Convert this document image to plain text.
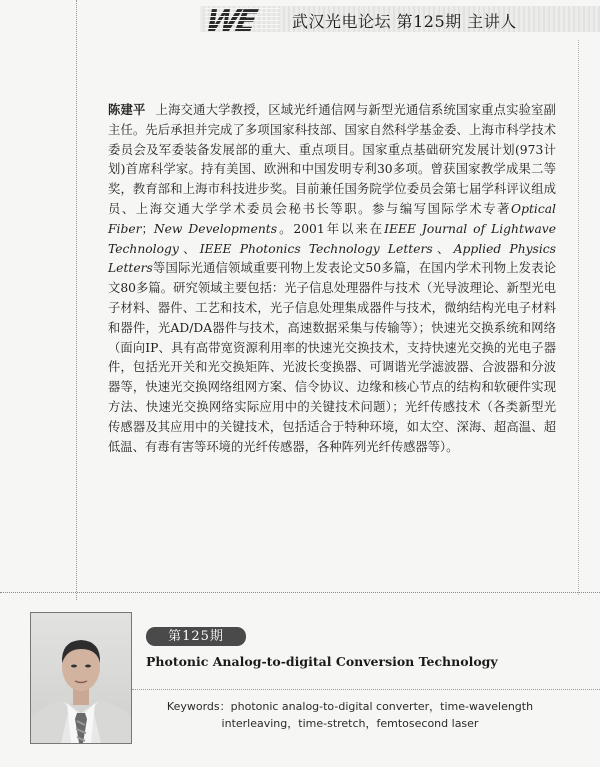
武汉光电论坛 第125期 主讲人
陈建平 上海交通大学教授，区域光纤通信网与新型光通信系统国家重点实验室副主任。先后承担并完成了多项国家科技部、国家自然科学基金委、上海市科学技术委员会及军委装备发展部的重大、重点项目。国家重点基础研究发展计划(973计划)首席科学家。持有美国、欧洲和中国发明专利30多项。曾获国家教学成果二等奖，教育部和上海市科技进步奖。目前兼任国务院学位委员会第七届学科评议组成员、上海交通大学学术委员会秘书长等职。参与编写国际学术专著Optical Fiber；New Developments。2001年以来在IEEE Journal of Lightwave Technology、IEEE Photonics Technology Letters、Applied Physics Letters等国际光通信领域重要刊物上发表论文50多篇，在国内学术刊物上发表论文80多篇。研究领域主要包括：光子信息处理器件与技术（光导波理论、新型光电子材料、器件、工艺和技术，光子信息处理集成器件与技术，微纳结构光电子材料和器件，光AD/DA器件与技术，高速数据采集与传输等）；快速光交换系统和网络（面向IP、具有高带宽资源利用率的快速光交换技术，支持快速光交换的光电子器件，包括光开关和光交换矩阵、光波长变换器、可调谐光学滤波器、合波器和分波器等，快速光交换网络组网方案、信令协议、边缘和核心节点的结构和软硬件实现方法、快速光交换网络实际应用中的关键技术问题）；光纤传感技术（各类新型光传感器及其应用中的关键技术，包括适合于特种环境，如太空、深海、超高温、超低温、有毒有害等环境的光纤传感器，各种阵列光纤传感器等）。
第125期
Photonic Analog-to-digital Conversion Technology
Keywords：photonic analog-to-digital converter，time-wavelength interleaving，time-stretch，femtosecond laser
